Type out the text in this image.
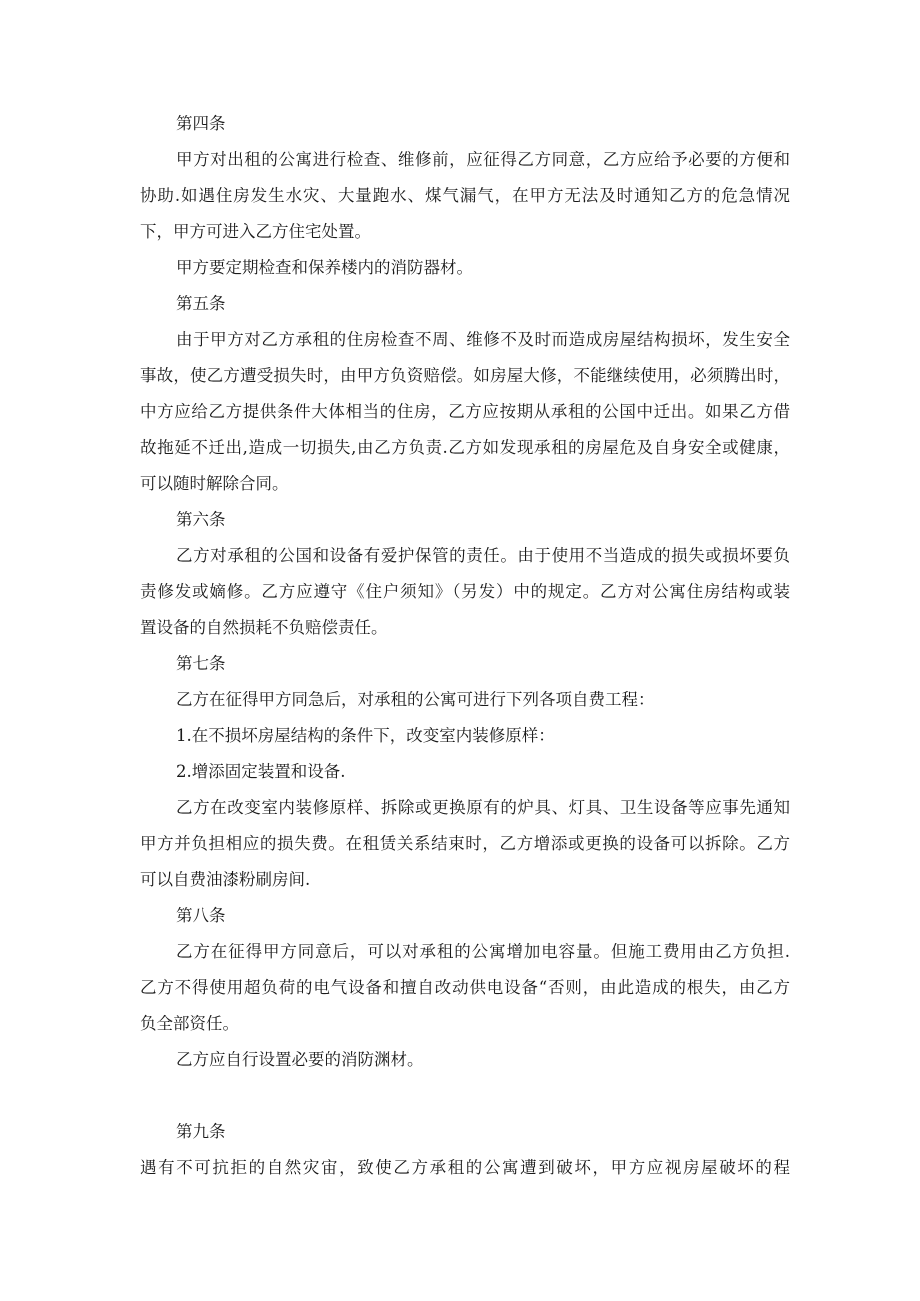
第四条

甲方对出租的公寓进行检查、维修前，应征得乙方同意，乙方应给予必要的方便和

协助.如遇住房发生水灾、大量跑水、煤气漏气，在甲方无法及时通知乙方的危急情况

下，甲方可进入乙方住宅处置。

甲方要定期检查和保养楼内的消防器材。

第五条

由于甲方对乙方承租的住房检查不周、维修不及时而造成房屋结构损坏，发生安全

事故，使乙方遭受损失时，由甲方负资赔偿。如房屋大修，不能继续使用，必须腾出时，

中方应给乙方提供条件大体相当的住房，乙方应按期从承租的公国中迁出。如果乙方借

故拖延不迁出,造成一切损失,由乙方负责.乙方如发现承租的房屋危及自身安全或健康，

可以随时解除合同。

第六条

乙方对承租的公国和设备有爱护保管的责任。由于使用不当造成的损失或损坏要负

责修发或嫡修。乙方应遵守《住户须知》（另发）中的规定。乙方对公寓住房结构或装

置设备的自然损耗不负赔偿责任。

第七条

乙方在征得甲方同急后，对承租的公寓可进行下列各项自费工程：

1.在不损坏房屋结构的条件下，改变室内装修原样：

2.增添固定装置和设备.

乙方在改变室内装修原样、拆除或更换原有的炉具、灯具、卫生设备等应事先通知

甲方并负担相应的损失费。在租赁关系结束时，乙方增添或更换的设备可以拆除。乙方

可以自费油漆粉刷房间.

第八条

乙方在征得甲方同意后，可以对承租的公寓增加电容量。但施工费用由乙方负担.

乙方不得使用超负荷的电气设备和擅自改动供电设备“否则，由此造成的根失，由乙方

负全部资任。

乙方应自行设置必要的消防渊材。

第九条

遇有不可抗拒的自然灾宙，致使乙方承租的公寓遭到破坏，甲方应视房屋破坏的程
